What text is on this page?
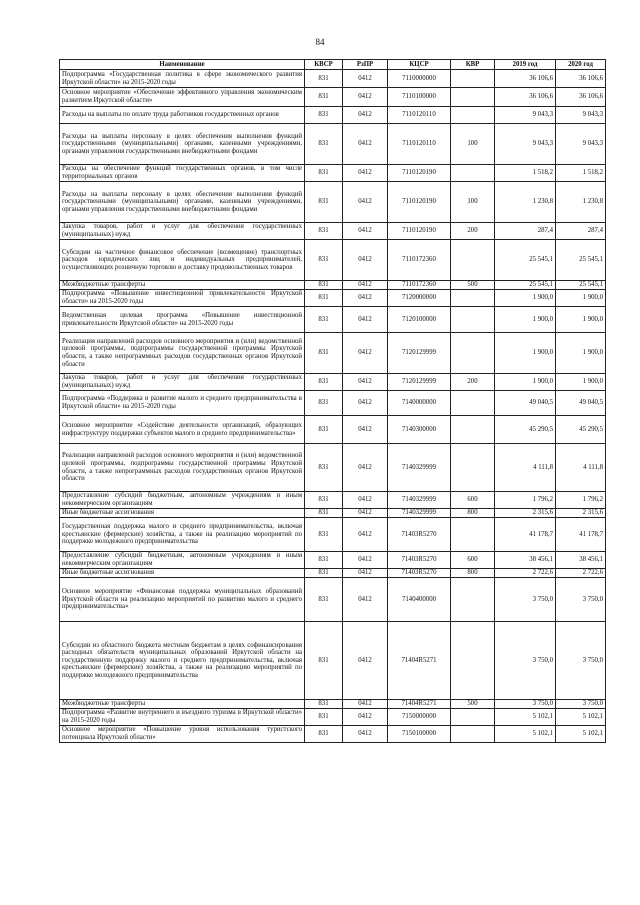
84
Наименование	КВСР	РзПР	КЦСР	КВР	2019 год	2020 год
Подпрограмма «Государственная политика в сфере экономического развития Иркутской области» на 2015-2020 годы	831	0412	7110000000		36 106,6	36 106,6
Основное мероприятие «Обеспечение эффективного управления экономическим развитием Иркутской области»	831	0412	7110100000		36 106,6	36 106,6
Расходы на выплаты по оплате труда работников государственных органов	831	0412	7110120110		9 043,3	9 043,3
Расходы на выплаты персоналу в целях обеспечения выполнения функций государственными (муниципальными) органами, казенными учреждениями, органами управления государственными внебюджетными фондами	831	0412	7110120110	100	9 043,3	9 043,3
Расходы на обеспечение функций государственных органов, в том числе территориальных органов	831	0412	7110120190		1 518,2	1 518,2
Расходы на выплаты персоналу в целях обеспечения выполнения функций государственными (муниципальными) органами, казенными учреждениями, органами управления государственными внебюджетными фондами	831	0412	7110120190	100	1 230,8	1 230,8
Закупка товаров, работ и услуг для обеспечения государственных (муниципальных) нужд	831	0412	7110120190	200	287,4	287,4
Субсидии на частичное финансовое обеспечение (возмещение) транспортных расходов юридических лиц и индивидуальных предпринимателей, осуществляющих розничную торговлю и доставку продовольственных товаров	831	0412	7110172360		25 545,1	25 545,1
Межбюджетные трансферты	831	0412	7110172360	500	25 545,1	25 545,1
Подпрограмма «Повышение инвестиционной привлекательности Иркутской области» на 2015-2020 годы	831	0412	7120000000		1 900,0	1 900,0
Ведомственная целевая программа «Повышение инвестиционной привлекательности Иркутской области» на 2015-2020 годы	831	0412	7120100000		1 900,0	1 900,0
Реализация направлений расходов основного мероприятия и (или) ведомственной целевой программы, подпрограммы государственной программы Иркутской области, а также непрограммных расходов государственных органов Иркутской области	831	0412	7120129999		1 900,0	1 900,0
Закупка товаров, работ и услуг для обеспечения государственных (муниципальных) нужд	831	0412	7120129999	200	1 900,0	1 900,0
Подпрограмма «Поддержка и развитие малого и среднего предпринимательства в Иркутской области» на 2015-2020 годы	831	0412	7140000000		49 040,5	49 040,5
Основное мероприятие «Содействие деятельности организаций, образующих инфраструктуру поддержки субъектов малого и среднего предпринимательства»	831	0412	7140300000		45 290,5	45 290,5
Реализация направлений расходов основного мероприятия и (или) ведомственной целевой программы, подпрограммы государственной программы Иркутской области, а также непрограммных расходов государственных органов Иркутской области	831	0412	7140329999		4 111,8	4 111,8
Предоставление субсидий бюджетным, автономным учреждениям и иным некоммерческим организациям	831	0412	7140329999	600	1 796,2	1 796,2
Иные бюджетные ассигнования	831	0412	7140329999	800	2 315,6	2 315,6
Государственная поддержка малого и среднего предпринимательства, включая крестьянские (фермерские) хозяйства, а также на реализацию мероприятий по поддержке молодежного предпринимательства	831	0412	71403R5270		41 178,7	41 178,7
Предоставление субсидий бюджетным, автономным учреждениям и иным некоммерческим организациям	831	0412	71403R5270	600	38 456,1	38 456,1
Иные бюджетные ассигнования	831	0412	71403R5270	800	2 722,6	2 722,6
Основное мероприятие «Финансовая поддержка муниципальных образований Иркутской области на реализацию мероприятий по развитию малого и среднего предпринимательства»	831	0412	7140400000		3 750,0	3 750,0
Субсидии из областного бюджета местным бюджетам в целях софинансирования расходных обязательств муниципальных образований Иркутской области на государственную поддержку малого и среднего предпринимательства, включая крестьянские (фермерские) хозяйства, а также на реализацию мероприятий по поддержке молодежного предпринимательства	831	0412	71404R5271		3 750,0	3 750,0
Межбюджетные трансферты	831	0412	71404R5271	500	3 750,0	3 750,0
Подпрограмма «Развитие внутреннего и въездного туризма в Иркутской области» на 2015-2020 годы	831	0412	7150000000		5 102,1	5 102,1
Основное мероприятие «Повышение уровня использования туристского потенциала Иркутской области»	831	0412	7150100000		5 102,1	5 102,1
